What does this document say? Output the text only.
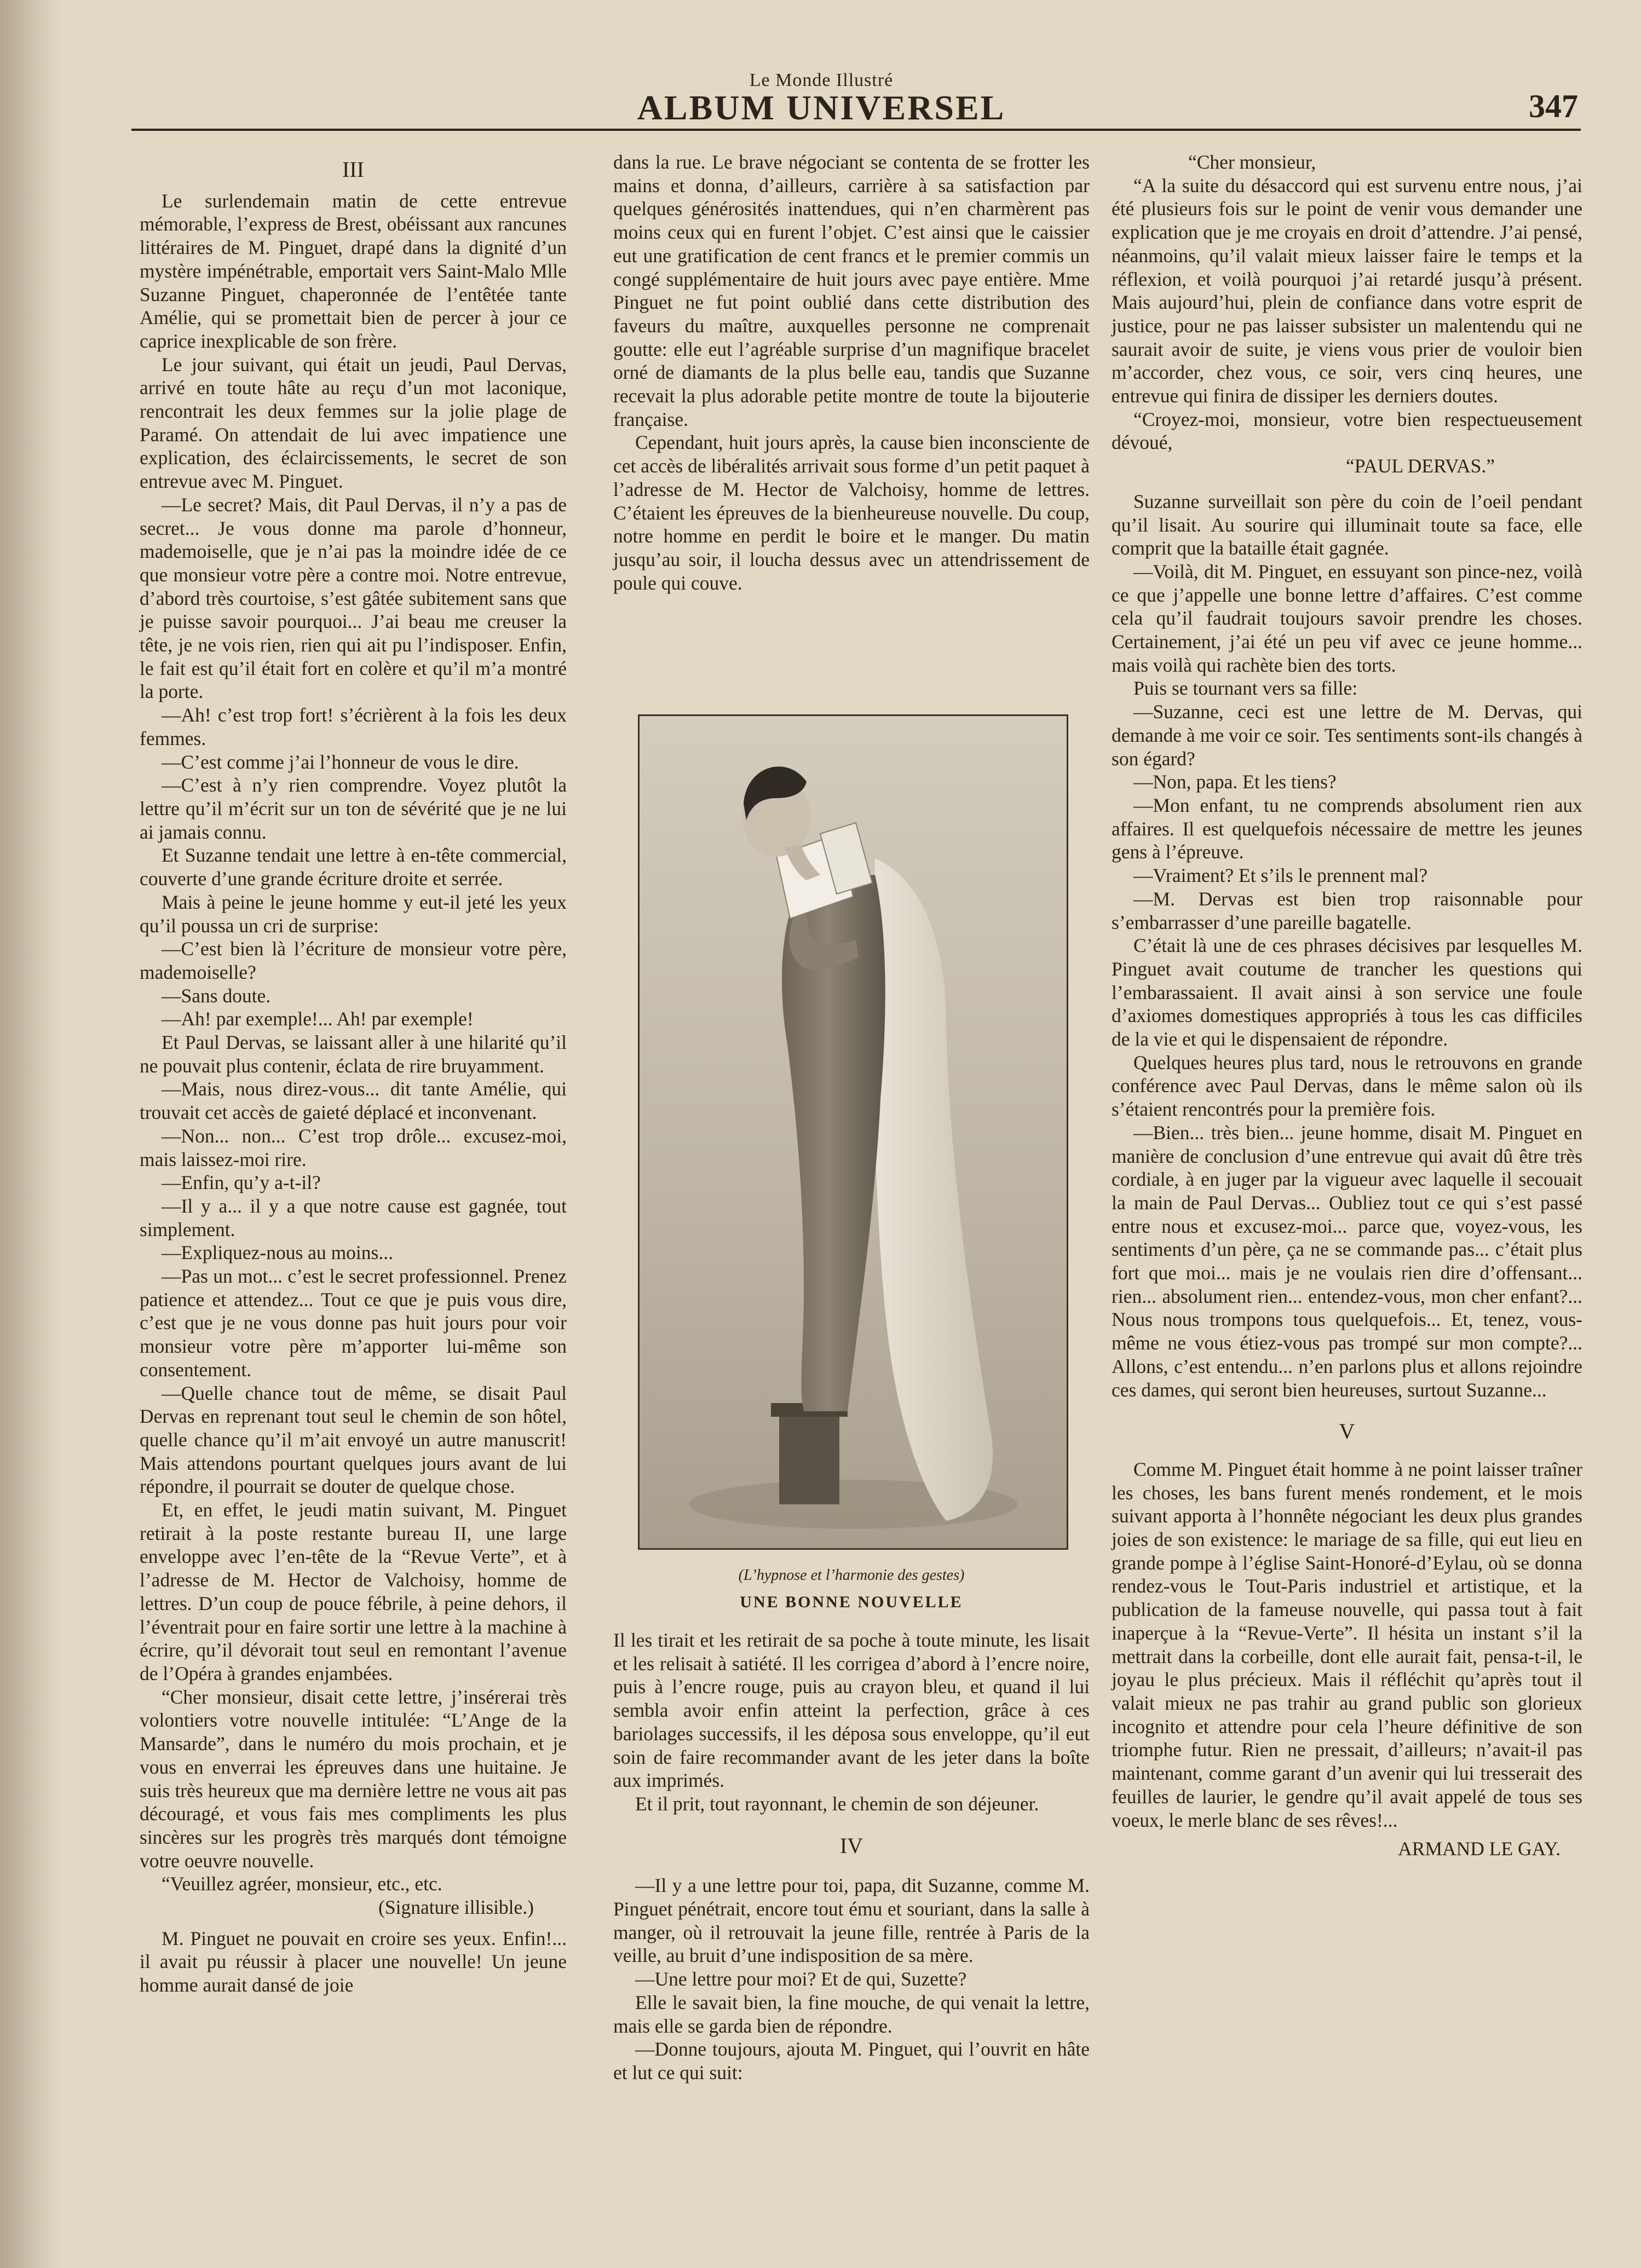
Le Monde Illustré
ALBUM UNIVERSEL	347

III

Le surlendemain matin de cette entrevue mémorable, l’express de Brest, obéissant aux rancunes littéraires de M. Pinguet, drapé dans la dignité d’un mystère impénétrable, emportait vers Saint-Malo Mlle Suzanne Pinguet, chaperonnée de l’entêtée tante Amélie, qui se promettait bien de percer à jour ce caprice inexplicable de son frère.

Le jour suivant, qui était un jeudi, Paul Dervas, arrivé en toute hâte au reçu d’un mot laconique, rencontrait les deux femmes sur la jolie plage de Paramé. On attendait de lui avec impatience une explication, des éclaircissements, le secret de son entrevue avec M. Pinguet.

—Le secret? Mais, dit Paul Dervas, il n’y a pas de secret... Je vous donne ma parole d’honneur, mademoiselle, que je n’ai pas la moindre idée de ce que monsieur votre père a contre moi. Notre entrevue, d’abord très courtoise, s’est gâtée subitement sans que je puisse savoir pourquoi... J’ai beau me creuser la tête, je ne vois rien, rien qui ait pu l’indisposer. Enfin, le fait est qu’il était fort en colère et qu’il m’a montré la porte.

—Ah! c’est trop fort! s’écrièrent à la fois les deux femmes.

—C’est comme j’ai l’honneur de vous le dire.

—C’est à n’y rien comprendre. Voyez plutôt la lettre qu’il m’écrit sur un ton de sévérité que je ne lui ai jamais connu.

Et Suzanne tendait une lettre à en-tête commercial, couverte d’une grande écriture droite et serrée.

Mais à peine le jeune homme y eut-il jeté les yeux qu’il poussa un cri de surprise:

—C’est bien là l’écriture de monsieur votre père, mademoiselle?

—Sans doute.

—Ah! par exemple!... Ah! par exemple!

Et Paul Dervas, se laissant aller à une hilarité qu’il ne pouvait plus contenir, éclata de rire bruyamment.

—Mais, nous direz-vous... dit tante Amélie, qui trouvait cet accès de gaieté déplacé et inconvenant.

—Non... non... C’est trop drôle... excusez-moi, mais laissez-moi rire.

—Enfin, qu’y a-t-il?

—Il y a... il y a que notre cause est gagnée, tout simplement.

—Expliquez-nous au moins...

—Pas un mot... c’est le secret professionnel. Prenez patience et attendez... Tout ce que je puis vous dire, c’est que je ne vous donne pas huit jours pour voir monsieur votre père m’apporter lui-même son consentement.

—Quelle chance tout de même, se disait Paul Dervas en reprenant tout seul le chemin de son hôtel, quelle chance qu’il m’ait envoyé un autre manuscrit! Mais attendons pourtant quelques jours avant de lui répondre, il pourrait se douter de quelque chose.

Et, en effet, le jeudi matin suivant, M. Pinguet retirait à la poste restante bureau II, une large enveloppe avec l’en-tête de la “Revue Verte”, et à l’adresse de M. Hector de Valchoisy, homme de lettres. D’un coup de pouce fébrile, à peine dehors, il l’éventrait pour en faire sortir une lettre à la machine à écrire, qu’il dévorait tout seul en remontant l’avenue de l’Opéra à grandes enjambées.

“Cher monsieur, disait cette lettre, j’insérerai très volontiers votre nouvelle intitulée: “L’Ange de la Mansarde”, dans le numéro du mois prochain, et je vous en enverrai les épreuves dans une huitaine. Je suis très heureux que ma dernière lettre ne vous ait pas découragé, et vous fais mes compliments les plus sincères sur les progrès très marqués dont témoigne votre oeuvre nouvelle.

“Veuillez agréer, monsieur, etc., etc.

(Signature illisible.)

M. Pinguet ne pouvait en croire ses yeux. Enfin!... il avait pu réussir à placer une nouvelle! Un jeune homme aurait dansé de joie

dans la rue. Le brave négociant se contenta de se frotter les mains et donna, d’ailleurs, carrière à sa satisfaction par quelques générosités inattendues, qui n’en charmèrent pas moins ceux qui en furent l’objet. C’est ainsi que le caissier eut une gratification de cent francs et le premier commis un congé supplémentaire de huit jours avec paye entière. Mme Pinguet ne fut point oublié dans cette distribution des faveurs du maître, auxquelles personne ne comprenait goutte: elle eut l’agréable surprise d’un magnifique bracelet orné de diamants de la plus belle eau, tandis que Suzanne recevait la plus adorable petite montre de toute la bijouterie française.

Cependant, huit jours après, la cause bien inconsciente de cet accès de libéralités arrivait sous forme d’un petit paquet à l’adresse de M. Hector de Valchoisy, homme de lettres. C’étaient les épreuves de la bienheureuse nouvelle. Du coup, notre homme en perdit le boire et le manger. Du matin jusqu’au soir, il loucha dessus avec un attendrissement de poule qui couve.

(L’hypnose et l’harmonie des gestes)
UNE BONNE NOUVELLE

Il les tirait et les retirait de sa poche à toute minute, les lisait et les relisait à satiété. Il les corrigea d’abord à l’encre noire, puis à l’encre rouge, puis au crayon bleu, et quand il lui sembla avoir enfin atteint la perfection, grâce à ces bariolages successifs, il les déposa sous enveloppe, qu’il eut soin de faire recommander avant de les jeter dans la boîte aux imprimés.

Et il prit, tout rayonnant, le chemin de son déjeuner.

IV

—Il y a une lettre pour toi, papa, dit Suzanne, comme M. Pinguet pénétrait, encore tout ému et souriant, dans la salle à manger, où il retrouvait la jeune fille, rentrée à Paris de la veille, au bruit d’une indisposition de sa mère.

—Une lettre pour moi? Et de qui, Suzette?

Elle le savait bien, la fine mouche, de qui venait la lettre, mais elle se garda bien de répondre.

—Donne toujours, ajouta M. Pinguet, qui l’ouvrit en hâte et lut ce qui suit:

“Cher monsieur,

“A la suite du désaccord qui est survenu entre nous, j’ai été plusieurs fois sur le point de venir vous demander une explication que je me croyais en droit d’attendre. J’ai pensé, néanmoins, qu’il valait mieux laisser faire le temps et la réflexion, et voilà pourquoi j’ai retardé jusqu’à présent. Mais aujourd’hui, plein de confiance dans votre esprit de justice, pour ne pas laisser subsister un malentendu qui ne saurait avoir de suite, je viens vous prier de vouloir bien m’accorder, chez vous, ce soir, vers cinq heures, une entrevue qui finira de dissiper les derniers doutes.

“Croyez-moi, monsieur, votre bien respectueusement dévoué,

“PAUL DERVAS.”

Suzanne surveillait son père du coin de l’oeil pendant qu’il lisait. Au sourire qui illuminait toute sa face, elle comprit que la bataille était gagnée.

—Voilà, dit M. Pinguet, en essuyant son pince-nez, voilà ce que j’appelle une bonne lettre d’affaires. C’est comme cela qu’il faudrait toujours savoir prendre les choses. Certainement, j’ai été un peu vif avec ce jeune homme... mais voilà qui rachète bien des torts.

Puis se tournant vers sa fille:

—Suzanne, ceci est une lettre de M. Dervas, qui demande à me voir ce soir. Tes sentiments sont-ils changés à son égard?

—Non, papa. Et les tiens?

—Mon enfant, tu ne comprends absolument rien aux affaires. Il est quelquefois nécessaire de mettre les jeunes gens à l’épreuve.

—Vraiment? Et s’ils le prennent mal?

—M. Dervas est bien trop raisonnable pour s’embarrasser d’une pareille bagatelle.

C’était là une de ces phrases décisives par lesquelles M. Pinguet avait coutume de trancher les questions qui l’embarassaient. Il avait ainsi à son service une foule d’axiomes domestiques appropriés à tous les cas difficiles de la vie et qui le dispensaient de répondre.

Quelques heures plus tard, nous le retrouvons en grande conférence avec Paul Dervas, dans le même salon où ils s’étaient rencontrés pour la première fois.

—Bien... très bien... jeune homme, disait M. Pinguet en manière de conclusion d’une entrevue qui avait dû être très cordiale, à en juger par la vigueur avec laquelle il secouait la main de Paul Dervas... Oubliez tout ce qui s’est passé entre nous et excusez-moi... parce que, voyez-vous, les sentiments d’un père, ça ne se commande pas... c’était plus fort que moi... mais je ne voulais rien dire d’offensant... rien... absolument rien... entendez-vous, mon cher enfant?... Nous nous trompons tous quelquefois... Et, tenez, vous-même ne vous étiez-vous pas trompé sur mon compte?... Allons, c’est entendu... n’en parlons plus et allons rejoindre ces dames, qui seront bien heureuses, surtout Suzanne...

V

Comme M. Pinguet était homme à ne point laisser traîner les choses, les bans furent menés rondement, et le mois suivant apporta à l’honnête négociant les deux plus grandes joies de son existence: le mariage de sa fille, qui eut lieu en grande pompe à l’église Saint-Honoré-d’Eylau, où se donna rendez-vous le Tout-Paris industriel et artistique, et la publication de la fameuse nouvelle, qui passa tout à fait inaperçue à la “Revue-Verte”. Il hésita un instant s’il la mettrait dans la corbeille, dont elle aurait fait, pensa-t-il, le joyau le plus précieux. Mais il réfléchit qu’après tout il valait mieux ne pas trahir au grand public son glorieux incognito et attendre pour cela l’heure définitive de son triomphe futur. Rien ne pressait, d’ailleurs; n’avait-il pas maintenant, comme garant d’un avenir qui lui tresserait des feuilles de laurier, le gendre qu’il avait appelé de tous ses voeux, le merle blanc de ses rêves!...

ARMAND LE GAY.
